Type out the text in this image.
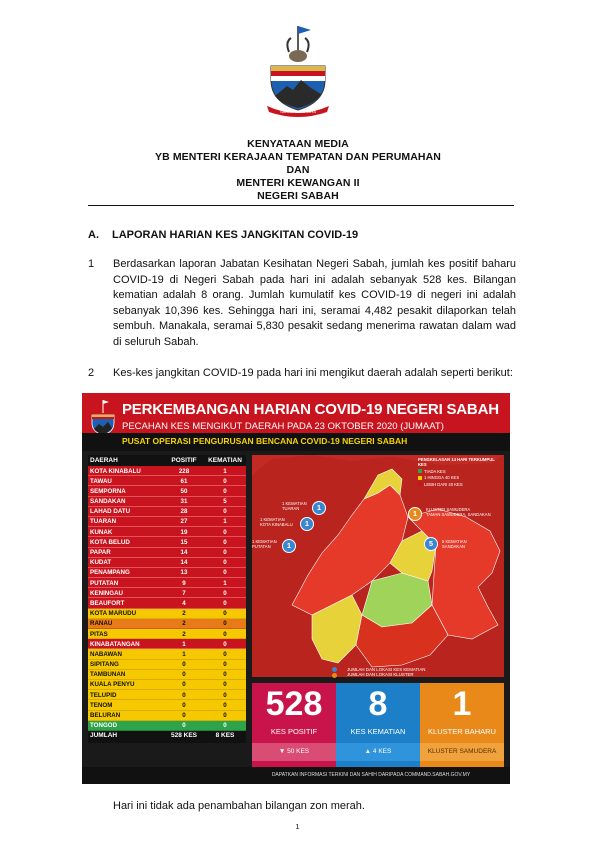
SABAH MAJU JAYA
KENYATAAN MEDIA
YB MENTERI KERAJAAN TEMPATAN DAN PERUMAHAN
DAN
MENTERI KEWANGAN II
NEGERI SABAH
A. LAPORAN HARIAN KES JANGKITAN COVID-19
1 Berdasarkan laporan Jabatan Kesihatan Negeri Sabah, jumlah kes positif baharu COVID-19 di Negeri Sabah pada hari ini adalah sebanyak 528 kes. Bilangan kematian adalah 8 orang. Jumlah kumulatif kes COVID-19 di negeri ini adalah sebanyak 10,396 kes. Sehingga hari ini, seramai 4,482 pesakit dilaporkan telah sembuh. Manakala, seramai 5,830 pesakit sedang menerima rawatan dalam wad di seluruh Sabah.
2 Kes-kes jangkitan COVID-19 pada hari ini mengikut daerah adalah seperti berikut:
PERKEMBANGAN HARIAN COVID-19 NEGERI SABAH
PECAHAN KES MENGIKUT DAERAH PADA 23 OKTOBER 2020 (JUMAAT)
PUSAT OPERASI PENGURUSAN BENCANA COVID-19 NEGERI SABAH
DAERAH	POSITIF	KEMATIAN
KOTA KINABALU	228	1
TAWAU	61	0
SEMPORNA	50	0
SANDAKAN	31	5
LAHAD DATU	28	0
TUARAN	27	1
KUNAK	19	0
KOTA BELUD	15	0
PAPAR	14	0
KUDAT	14	0
PENAMPANG	13	0
PUTATAN	9	1
KENINGAU	7	0
BEAUFORT	4	0
KOTA MARUDU	2	0
RANAU	2	0
PITAS	2	0
KINABATANGAN	1	0
NABAWAN	1	0
SIPITANG	0	0
TAMBUNAN	0	0
KUALA PENYU	0	0
TELUPID	0	0
TENOM	0	0
BELURAN	0	0
TONGOD	0	0
JUMLAH	528 KES	8 KES
PENGKELASAN 14 HARI TERKUMPUL KES
TIADA KES
1 HINGGA 40 KES
LEBIH DARI 40 KES
1
1 KEMATIAN
TUARAN
1
1 KEMATIAN
KOTA KINABALU
1
1 KEMATIAN
PUTATAN	5	5 KEMATIAN
SANDAKAN
1	KLUSTER SAMUDERA
TAMAN SAMUDERA, SANDAKAN
JUMLAH DAN LOKASI KES KEMATIAN JUMLAH DAN LOKASI KLUSTER
528
KES POSITIF
▼ 50 KES
8
KES KEMATIAN
▲ 4 KES
1
KLUSTER BAHARU
KLUSTER SAMUDERA
DAPATKAN INFORMASI TERKINI DAN SAHIH DARIPADA COMMAND.SABAH.GOV.MY
Hari ini tidak ada penambahan bilangan zon merah.
1
